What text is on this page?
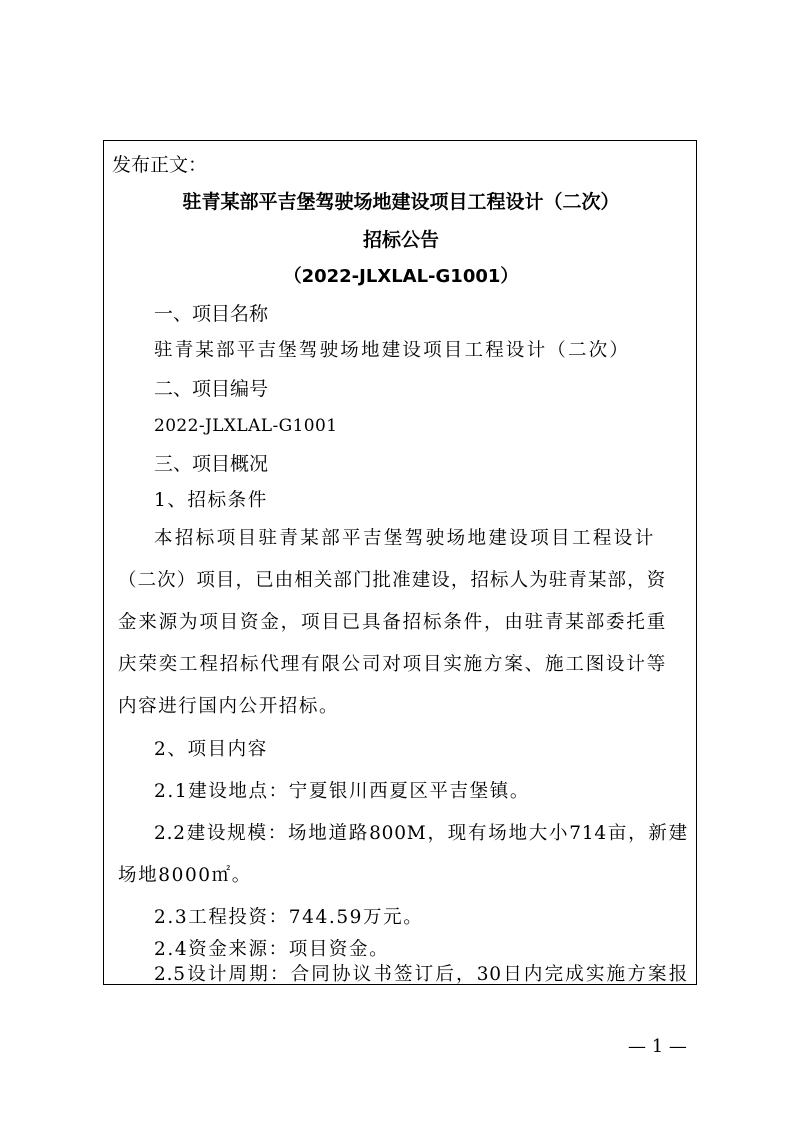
发布正文：
驻青某部平吉堡驾驶场地建设项目工程设计（二次）
招标公告
（2022-JLXLAL-G1001）
一、项目名称
驻青某部平吉堡驾驶场地建设项目工程设计（二次）
二、项目编号
2022-JLXLAL-G1001
三、项目概况
1、招标条件
本招标项目驻青某部平吉堡驾驶场地建设项目工程设计
（二次）项目，已由相关部门批准建设，招标人为驻青某部，资
金来源为项目资金，项目已具备招标条件，由驻青某部委托重
庆荣奕工程招标代理有限公司对项目实施方案、施工图设计等
内容进行国内公开招标。
2、项目内容
2.1建设地点：宁夏银川西夏区平吉堡镇。
2.2建设规模：场地道路800M，现有场地大小714亩，新建
场地8000㎡。
2.3工程投资：744.59万元。
2.4资金来源：项目资金。
2.5设计周期：合同协议书签订后，30日内完成实施方案报
— 1 —
